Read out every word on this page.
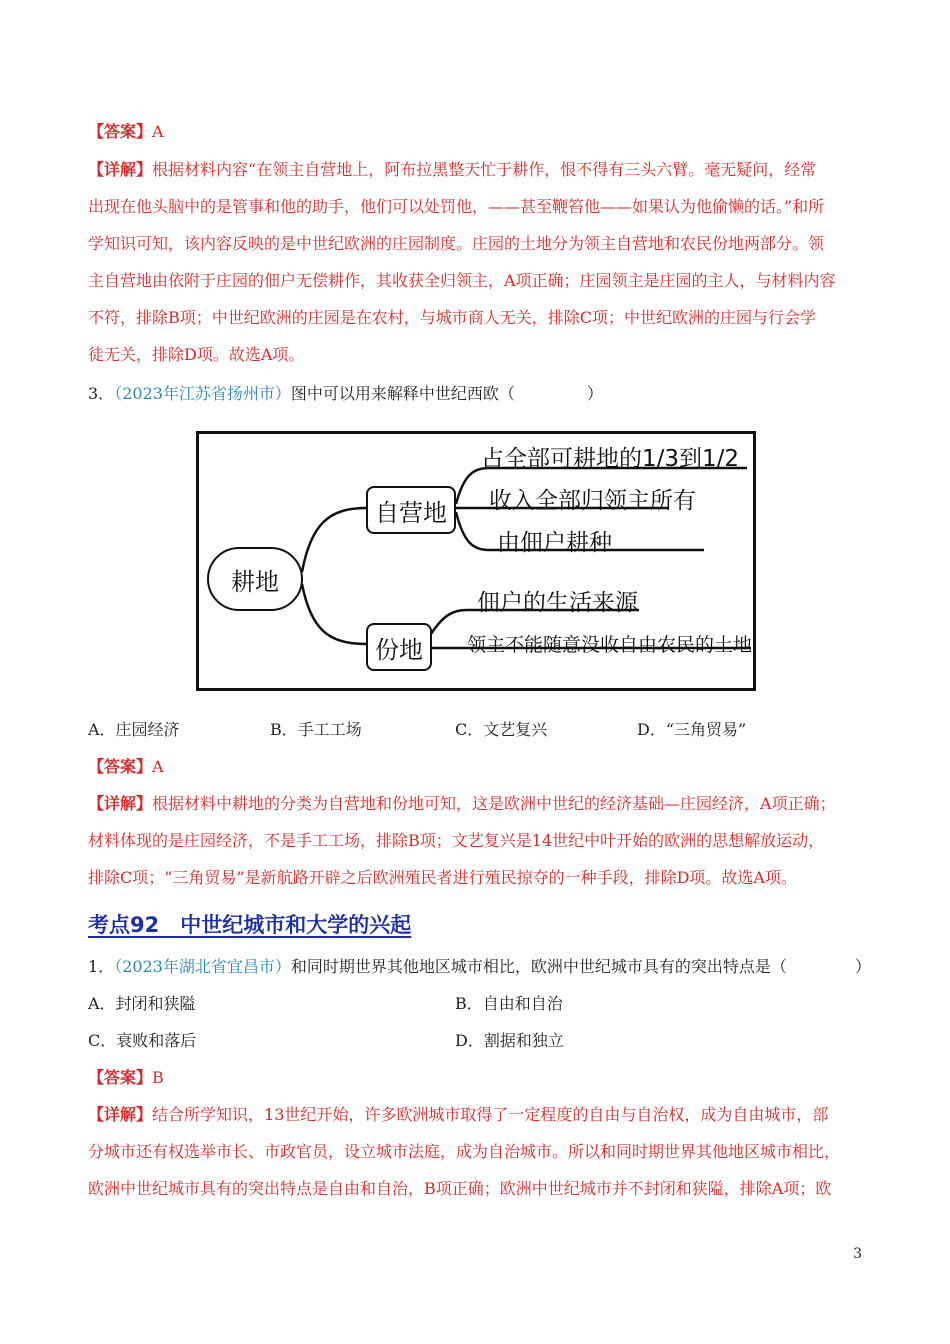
【答案】A
【详解】根据材料内容“在领主自营地上，阿布拉黑整天忙于耕作，恨不得有三头六臂。毫无疑问，经常
出现在他头脑中的是管事和他的助手，他们可以处罚他，——甚至鞭笞他——如果认为他偷懒的话。”和所
学知识可知，该内容反映的是中世纪欧洲的庄园制度。庄园的土地分为领主自营地和农民份地两部分。领
主自营地由依附于庄园的佃户无偿耕作，其收获全归领主，A项正确；庄园领主是庄园的主人，与材料内容
不符，排除B项；中世纪欧洲的庄园是在农村，与城市商人无关，排除C项；中世纪欧洲的庄园与行会学
徒无关，排除D项。故选A项。
3．（2023年江苏省扬州市）图中可以用来解释中世纪西欧（	）
耕地
自营地
份地
占全部可耕地的1/3到1/2
收入全部归领主所有
由佃户耕种
佃户的生活来源
领主不能随意没收自由农民的土地
A．庄园经济	B．手工工场	C．文艺复兴	D．“三角贸易”
【答案】A
【详解】根据材料中耕地的分类为自营地和份地可知，这是欧洲中世纪的经济基础—庄园经济，A项正确；
材料体现的是庄园经济，不是手工工场，排除B项；文艺复兴是14世纪中叶开始的欧洲的思想解放运动，
排除C项；“三角贸易”是新航路开辟之后欧洲殖民者进行殖民掠夺的一种手段，排除D项。故选A项。
考点92　中世纪城市和大学的兴起
1．（2023年湖北省宜昌市）和同时期世界其他地区城市相比，欧洲中世纪城市具有的突出特点是（	）
A．封闭和狭隘	B．自由和自治
C．衰败和落后	D．割据和独立
【答案】B
【详解】结合所学知识，13世纪开始，许多欧洲城市取得了一定程度的自由与自治权，成为自由城市，部
分城市还有权选举市长、市政官员，设立城市法庭，成为自治城市。所以和同时期世界其他地区城市相比，
欧洲中世纪城市具有的突出特点是自由和自治，B项正确；欧洲中世纪城市并不封闭和狭隘，排除A项；欧
3
